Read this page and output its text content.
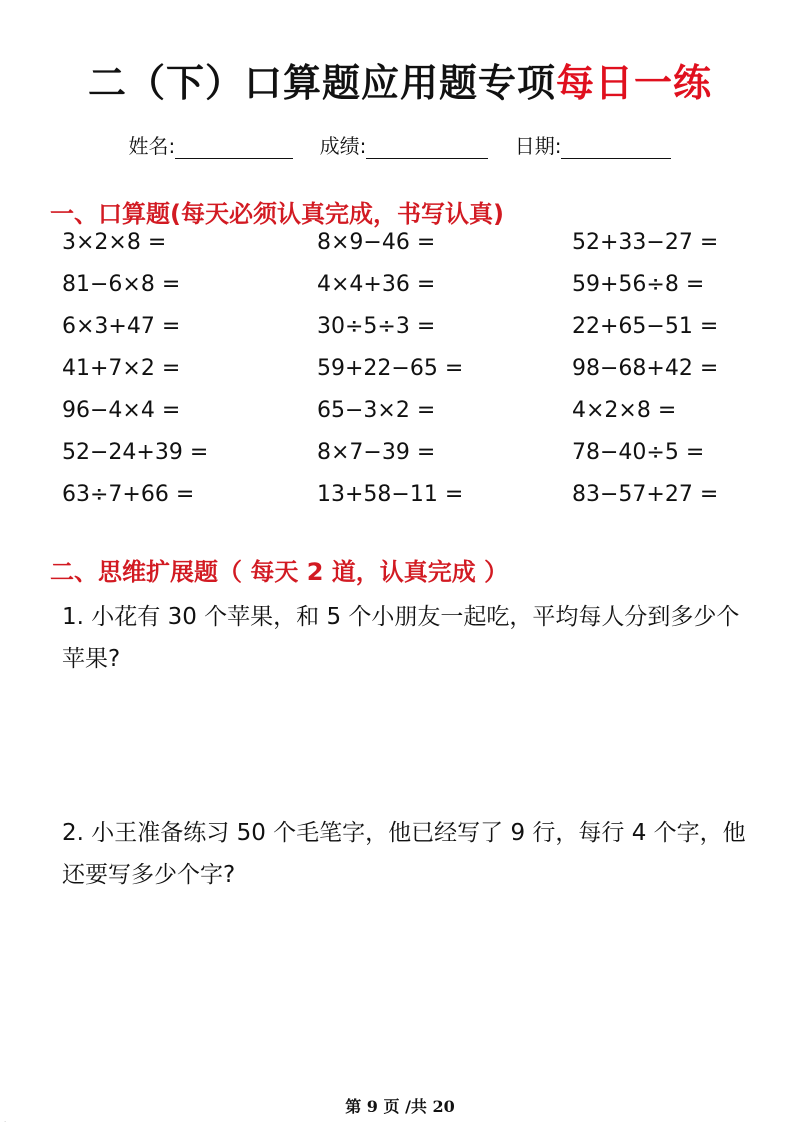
二（下）口算题应用题专项每日一练
姓名:	成绩:	日期:
一、口算题(每天必须认真完成，书写认真)
3×2×8 =	8×9−46 =	52+33−27 =
81−6×8 =	4×4+36 =	59+56÷8 =
6×3+47 =	30÷5÷3 =	22+65−51 =
41+7×2 =	59+22−65 =	98−68+42 =
96−4×4 =	65−3×2 =	4×2×8 =
52−24+39 =	8×7−39 =	78−40÷5 =
63÷7+66 =	13+58−11 =	83−57+27 =
二、思维扩展题（ 每天 2 道，认真完成 ）
1. 小花有 30 个苹果，和 5 个小朋友一起吃，平均每人分到多少个苹果?
2. 小王准备练习 50 个毛笔字，他已经写了 9 行，每行 4 个字，他还要写多少个字?
第 9 页 /共 20
·
